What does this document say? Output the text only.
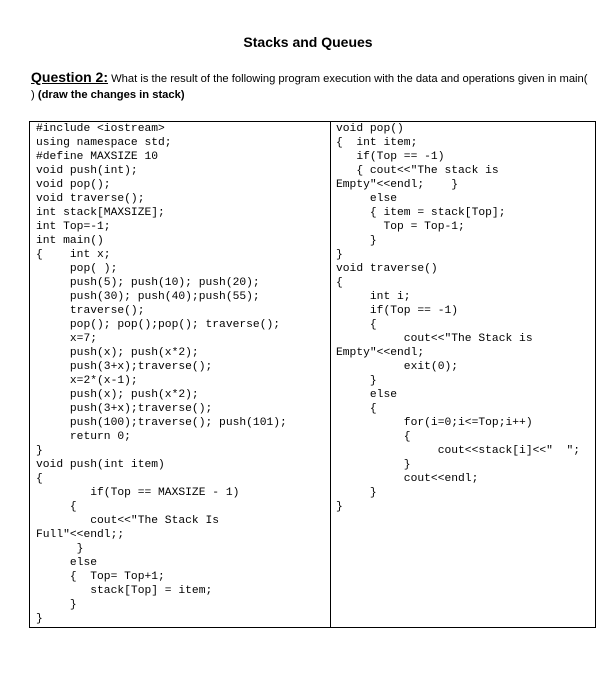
Stacks and Queues
Question 2: What is the result of the following program execution with the data and operations given in main( ) (draw the changes in stack)
#include <iostream>
using namespace std;
#define MAXSIZE 10
void push(int);
void pop();
void traverse();
int stack[MAXSIZE];
int Top=-1;
int main()
{    int x;
pop( );
push(5); push(10); push(20);
push(30); push(40);push(55);
traverse();
pop(); pop();pop(); traverse();
x=7;
push(x); push(x*2);
push(3+x);traverse();
x=2*(x-1);
push(x); push(x*2);
push(3+x);traverse();
push(100);traverse(); push(101);
return 0;
}
void push(int item)
{
if(Top == MAXSIZE - 1)
{
cout<<"The Stack Is
Full"<<endl;;
}
else
{  Top= Top+1;
stack[Top] = item;
}
}
void pop()
{  int item;
if(Top == -1)
{ cout<<"The stack is
Empty"<<endl;    }
else
{ item = stack[Top];
Top = Top-1;
}
}
void traverse()
{
int i;
if(Top == -1)
{
cout<<"The Stack is
Empty"<<endl;
exit(0);
}
else
{
for(i=0;i<=Top;i++)
{
cout<<stack[i]<<"  ";
}
cout<<endl;
}
}
